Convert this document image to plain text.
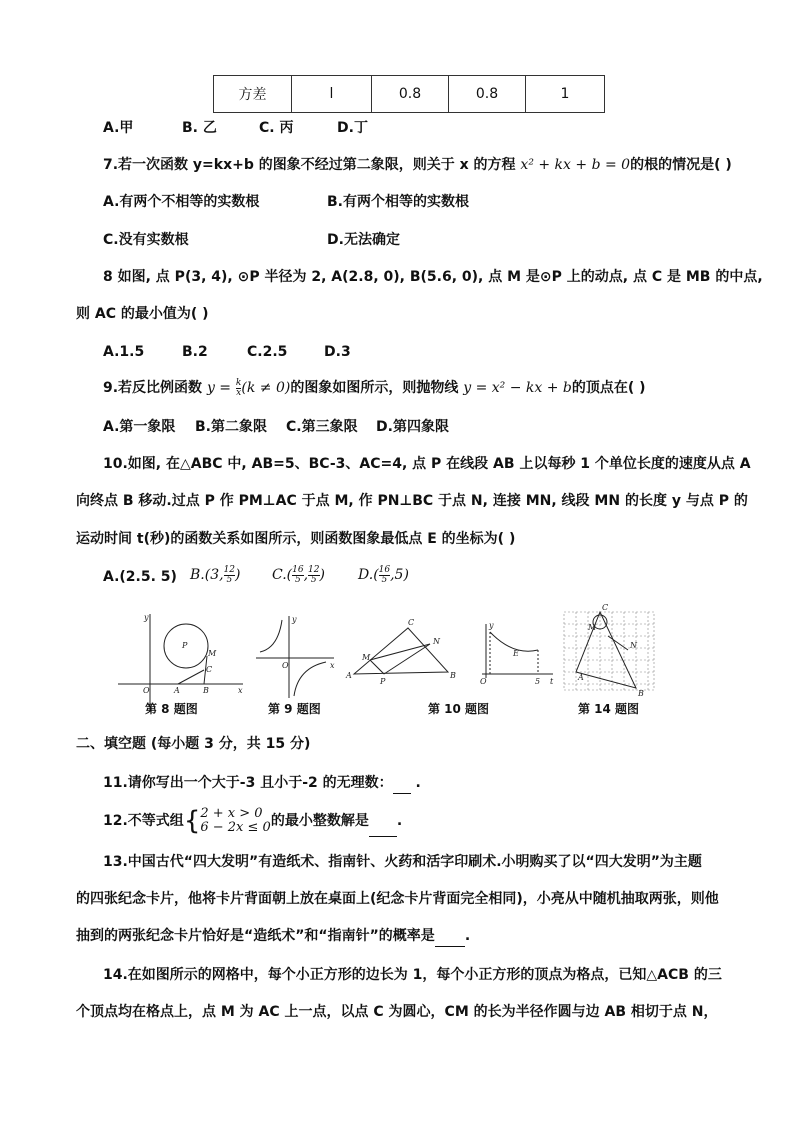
方差	l	0.8	0.8	1
A.甲	B. 乙	C. 丙	D.丁
7.若一次函数 y=kx+b 的图象不经过第二象限，则关于 x 的方程 x² + kx + b = 0的根的情况是( )
A.有两个不相等的实数根	B.有两个相等的实数根
C.没有实数根	D.无法确定
8 如图, 点 P(3, 4), ⊙P 半径为 2, A(2.8, 0), B(5.6, 0), 点 M 是⊙P 上的动点, 点 C 是 MB 的中点,
则 AC 的最小值为( )
A.1.5	B.2	C.2.5	D.3
9.若反比例函数 $y = \frac{k}{x} (k \ne 0)$的图象如图所示，则抛物线 y = x² − kx + b的顶点在( )
A.第一象限 B.第二象限 C.第三象限 D.第四象限
10.如图, 在△ABC 中, AB=5、BC-3、AC=4, 点 P 在线段 AB 上以每秒 1 个单位长度的速度从点 A
向终点 B 移动.过点 P 作 PM⊥AC 于点 M, 作 PN⊥BC 于点 N, 连接 MN, 线段 MN 的长度 y 与点 P 的
运动时间 t(秒)的函数关系如图所示，则函数图象最低点 E 的坐标为( )
A.(2.5. 5) B.(3, $\frac{12}{5}$ ) $C.( \frac{16}{5}$ , $\frac{12}{5}$ ) $D.( \frac{16}{5} ,5)$
y
P
M
C
O	A	B	x
y
O	x
C
M
N
A
P
B
y
E
O	5 t
M
A
N
C
B
第 8 题图	第 9 题图	第 10 题图	第 14 题图
二、填空题 (每小题 3 分，共 15 分)
11.请你写出一个大于-3 且小于-2 的无理数：  .
12.不等式组{ 2 + x > 0
6 − 2x ≤ 0 的最小整数解是 .
13.中国古代“四大发明”有造纸术、指南针、火药和活字印刷术.小明购买了以“四大发明”为主题
的四张纪念卡片，他将卡片背面朝上放在桌面上(纪念卡片背面完全相同)，小亮从中随机抽取两张，则他
抽到的两张纪念卡片恰好是“造纸术”和“指南针”的概率是 .
14.在如图所示的网格中，每个小正方形的边长为 1，每个小正方形的顶点为格点，已知△ACB 的三
个顶点均在格点上，点 M 为 AC 上一点，以点 C 为圆心，CM 的长为半径作圆与边 AB 相切于点 N，
